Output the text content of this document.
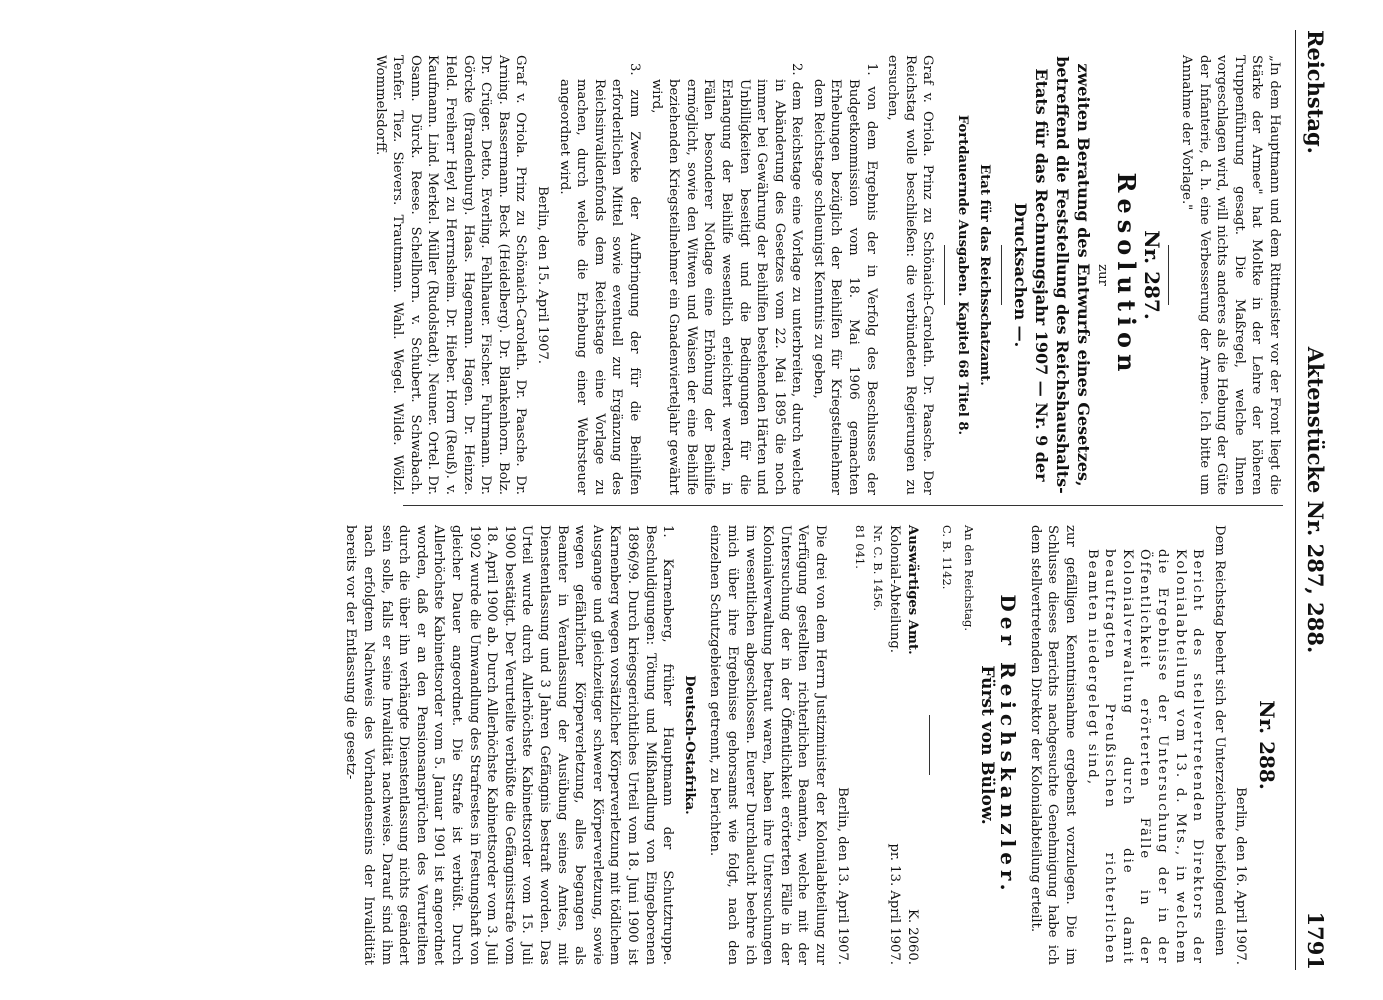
Reichstag.
Aktenstücke Nr. 287, 288.
1791

„In dem Hauptmann und dem Rittmeister vor der Front liegt die Stärke der Armee" hat Moltke in der Lehre der höheren Truppenführung gesagt. Die Maßregel, welche Ihnen vorgeschlagen wird, will nichts anderes als die Hebung der Güte der Infanterie, d. h. eine Verbesserung der Armee. Ich bitte um Annahme der Vorlage."

Nr. 287.
Resolution
zur
zweiten Beratung des Entwurfs eines Gesetzes, betreffend die Feststellung des Reichshaushalts-Etats für das Rechnungsjahr 1907 — Nr. 9 der Drucksachen —.
Etat für das Reichsschatzamt.
Fortdauernde Ausgaben. Kapitel 68 Titel 8.

Graf v. Oriola. Prinz zu Schönaich-Carolath. Dr. Paasche. Der Reichstag wolle beschließen: die verbündeten Regierungen zu ersuchen,

1. von dem Ergebnis der in Verfolg des Beschlusses der Budgetkommission vom 18. Mai 1906 gemachten Erhebungen bezüglich der Beihilfen für Kriegsteilnehmer dem Reichstage schleunigst Kenntnis zu geben,

2. dem Reichstage eine Vorlage zu unterbreiten, durch welche in Abänderung des Gesetzes vom 22. Mai 1895 die noch immer bei Gewährung der Beihilfen bestehenden Härten und Unbilligkeiten beseitigt und die Bedingungen für die Erlangung der Beihilfe wesentlich erleichtert werden, in Fällen besonderer Notlage eine Erhöhung der Beihilfe ermöglicht, sowie den Witwen und Waisen der eine Beihilfe beziehenden Kriegsteilnehmer ein Gnadenvierteljahr gewährt wird,

3. zum Zwecke der Aufbringung der für die Beihilfen erforderlichen Mittel sowie eventuell zur Ergänzung des Reichsinvalidenfonds dem Reichstage eine Vorlage zu machen, durch welche die Erhebung einer Wehrsteuer angeordnet wird.

Berlin, den 15. April 1907.

Graf v. Oriola. Prinz zu Schönaich-Carolath. Dr. Paasche. Dr. Arning. Bassermann. Beck (Heidelberg). Dr. Blankenhorn. Bolz. Dr. Crüger. Detto. Everling. Fehlhauer. Fischer. Fuhrmann. Dr. Görcke (Brandenburg). Haas. Hagemann. Hagen. Dr. Heinze. Held. Freiherr Heyl zu Herrnsheim. Dr. Hieber. Horn (Reuß). v. Kaufmann. Lind. Merkel. Müller (Rudolstadt). Neuner. Ortel. Dr. Osann. Dürck. Reese. Schellhorn. v. Schubert. Schwabach. Tenfer. Tiez. Sievers. Trautmann. Wahl. Wegel. Wilde. Wölzl. Wommelsdorff.

Nr. 288.

Berlin, den 16. April 1907.

Dem Reichstag beehrt sich der Unterzeichnete beifolgend einen

Bericht des stellvertretenden Direktors der Kolonialabteilung vom 13. d. Mts., in welchem die Ergebnisse der Untersuchung der in der Öffentlichkeit erörterten Fälle in der Kolonialverwaltung durch die damit beauftragten Preußischen richterlichen Beamten niedergelegt sind,

zur gefälligen Kenntnisnahme ergebenst vorzulegen. Die im Schlusse dieses Berichts nachgesuchte Genehmigung habe ich dem stellvertretenden Direktor der Kolonialabteilung erteilt.

Der Reichskanzler.
Fürst von Bülow.

An den Reichstag.

C. B. 1142.

Auswärtiges Amt.
Kolonial-Abteilung.
Nr. C. B. 1456.
81 041.
K. 2060.
pr. 13. April 1907.

Berlin, den 13. April 1907.

Die drei von dem Herrn Justizminister der Kolonialabteilung zur Verfügung gestellten richterlichen Beamten, welche mit der Untersuchung der in der Öffentlichkeit erörterten Fälle in der Kolonialverwaltung betraut waren, haben ihre Untersuchungen im wesentlichen abgeschlossen. Euerer Durchlaucht beehre ich mich über ihre Ergebnisse gehorsamst wie folgt, nach den einzelnen Schutzgebieten getrennt, zu berichten.

Deutsch-Ostafrika.

1. Karnenberg, früher Hauptmann der Schutztruppe. Beschuldigungen: Tötung und Mißhandlung von Eingeborenen 1896/99. Durch kriegsgerichtliches Urteil vom 18. Juni 1900 ist Karnenberg wegen vorsätzlicher Körperverletzung mit tödlichem Ausgange und gleichzeitiger schwerer Körperverletzung, sowie wegen gefährlicher Körperverletzung, alles begangen als Beamter in Veranlassung der Ausübung seines Amtes, mit Dienstentlassung und 3 Jahren Gefängnis bestraft worden. Das Urteil wurde durch Allerhöchste Kabinettsorder vom 15. Juli 1900 bestätigt. Der Verurteilte verbüßte die Gefängnisstrafe vom 18. April 1900 ab. Durch Allerhöchste Kabinettsorder vom 3. Juli 1902 wurde die Umwandlung des Strafrestes in Festungshaft von gleicher Dauer angeordnet. Die Strafe ist verbüßt. Durch Allerhöchste Kabinettsorder vom 5. Januar 1901 ist angeordnet worden, daß er an den Pensionsansprüchen des Verurteilten durch die über ihn verhängte Dienstentlassung nichts geändert sein solle, falls er seine Invalidität nachweise. Darauf sind ihm nach erfolgtem Nachweis des Vorhandenseins der Invalidität bereits vor der Entlassung die gesetz-
